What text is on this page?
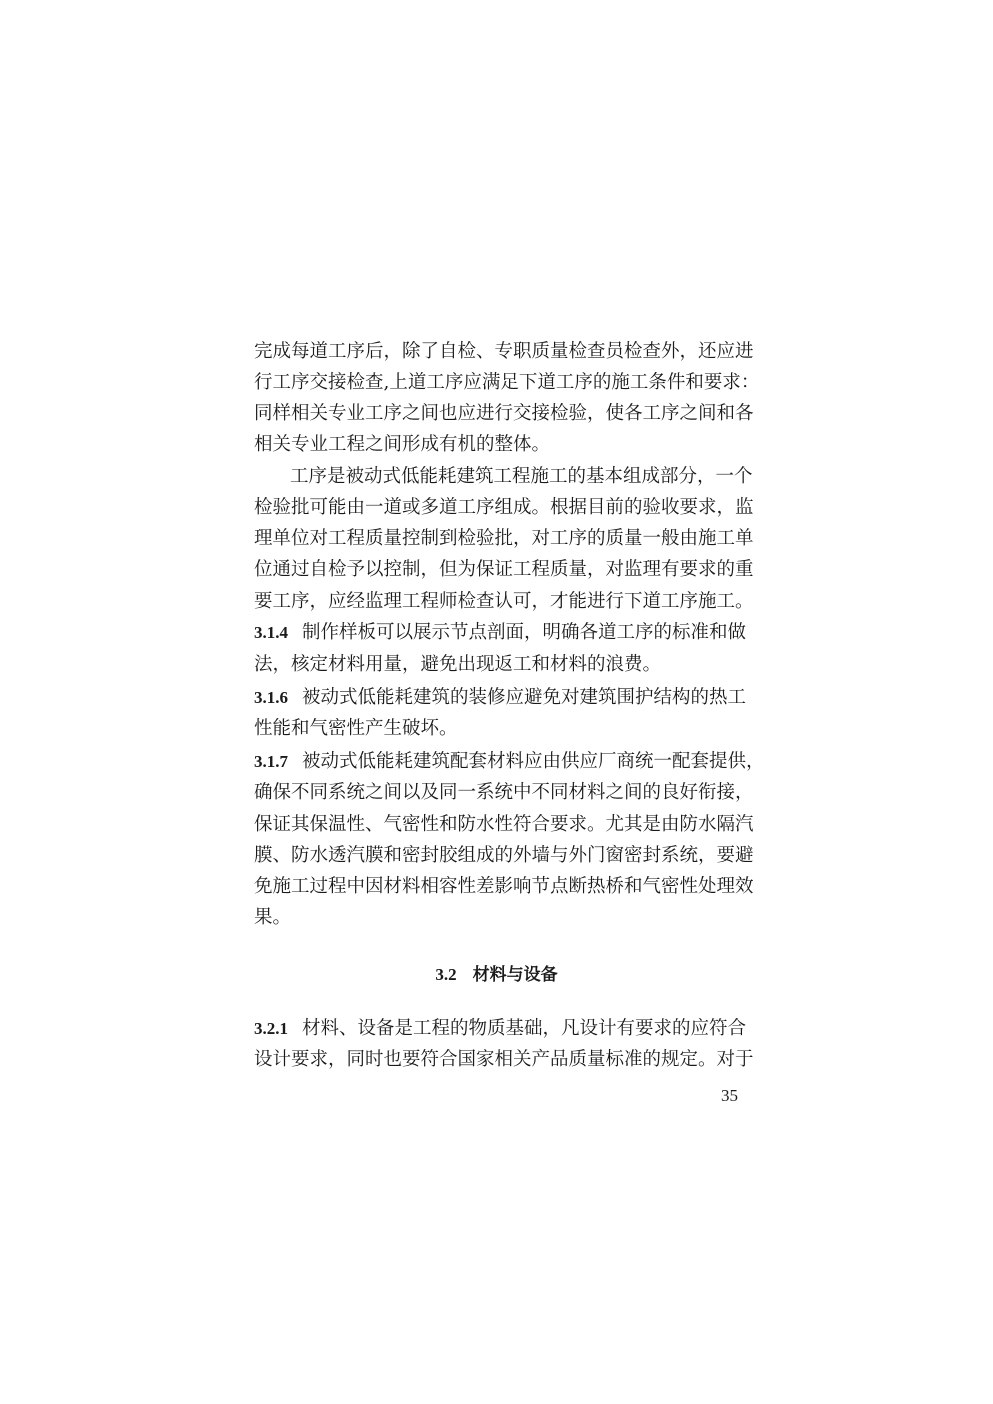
完成每道工序后，除了自检、专职质量检查员检查外，还应进
行工序交接检查,上道工序应满足下道工序的施工条件和要求：
同样相关专业工序之间也应进行交接检验，使各工序之间和各
相关专业工程之间形成有机的整体。
工序是被动式低能耗建筑工程施工的基本组成部分，一个
检验批可能由一道或多道工序组成。根据目前的验收要求，监
理单位对工程质量控制到检验批，对工序的质量一般由施工单
位通过自检予以控制，但为保证工程质量，对监理有要求的重
要工序，应经监理工程师检查认可，才能进行下道工序施工。
3.1.4 制作样板可以展示节点剖面，明确各道工序的标准和做
法，核定材料用量，避免出现返工和材料的浪费。
3.1.6 被动式低能耗建筑的装修应避免对建筑围护结构的热工
性能和气密性产生破坏。
3.1.7 被动式低能耗建筑配套材料应由供应厂商统一配套提供，
确保不同系统之间以及同一系统中不同材料之间的良好衔接，
保证其保温性、气密性和防水性符合要求。尤其是由防水隔汽
膜、防水透汽膜和密封胶组成的外墙与外门窗密封系统，要避
免施工过程中因材料相容性差影响节点断热桥和气密性处理效
果。
3.2 材料与设备
3.2.1 材料、设备是工程的物质基础，凡设计有要求的应符合
设计要求，同时也要符合国家相关产品质量标准的规定。对于
35
